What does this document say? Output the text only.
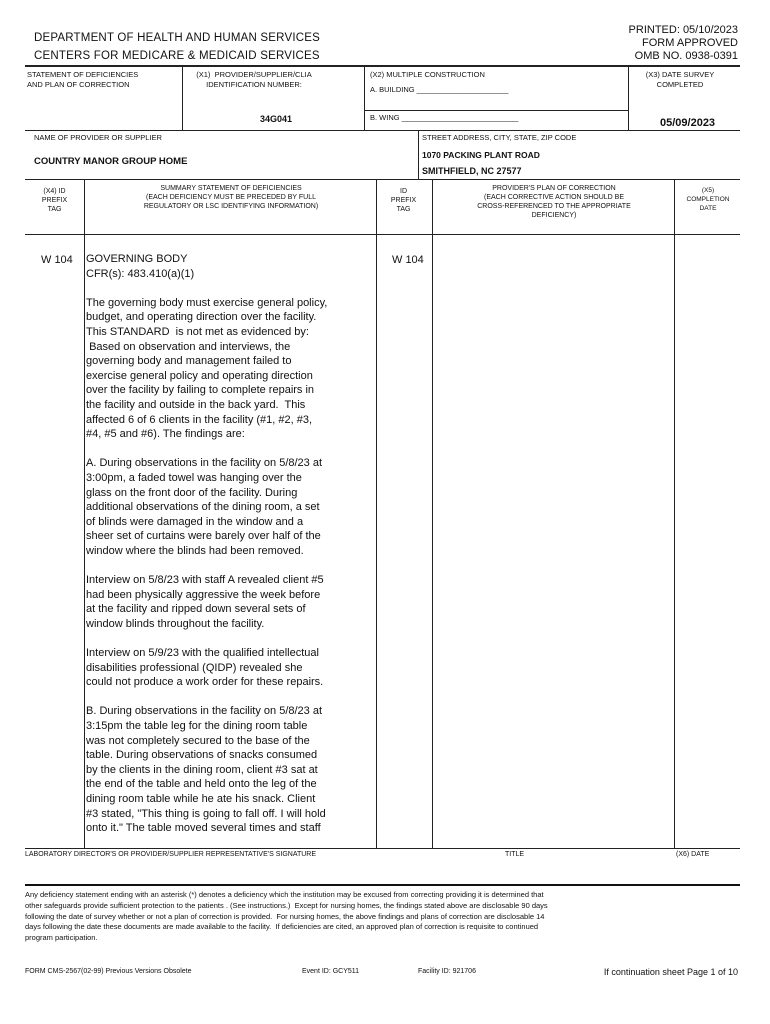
DEPARTMENT OF HEALTH AND HUMAN SERVICES
CENTERS FOR MEDICARE & MEDICAID SERVICES
PRINTED: 05/10/2023
FORM APPROVED
OMB NO. 0938-0391
STATEMENT OF DEFICIENCIES
AND PLAN OF CORRECTION
(X1)  PROVIDER/SUPPLIER/CLIA
IDENTIFICATION NUMBER:
34G041
(X2) MULTIPLE CONSTRUCTION
A. BUILDING ______________________
B. WING ____________________________
(X3) DATE SURVEY
COMPLETED
05/09/2023
NAME OF PROVIDER OR SUPPLIER
COUNTRY MANOR GROUP HOME
STREET ADDRESS, CITY, STATE, ZIP CODE
1070 PACKING PLANT ROAD
SMITHFIELD, NC 27577
(X4) ID
PREFIX
TAG
SUMMARY STATEMENT OF DEFICIENCIES
(EACH DEFICIENCY MUST BE PRECEDED BY FULL
REGULATORY OR LSC IDENTIFYING INFORMATION)
ID
PREFIX
TAG
PROVIDER'S PLAN OF CORRECTION
(EACH CORRECTIVE ACTION SHOULD BE
CROSS-REFERENCED TO THE APPROPRIATE
DEFICIENCY)
(X5)
COMPLETION
DATE
W 104 GOVERNING BODY
CFR(s): 483.410(a)(1)

The governing body must exercise general policy,
budget, and operating direction over the facility.
This STANDARD  is not met as evidenced by:
Based on observation and interviews, the
governing body and management failed to
exercise general policy and operating direction
over the facility by failing to complete repairs in
the facility and outside in the back yard.  This
affected 6 of 6 clients in the facility (#1, #2, #3,
#4, #5 and #6). The findings are:

A. During observations in the facility on 5/8/23 at
3:00pm, a faded towel was hanging over the
glass on the front door of the facility. During
additional observations of the dining room, a set
of blinds were damaged in the window and a
sheer set of curtains were barely over half of the
window where the blinds had been removed.

Interview on 5/8/23 with staff A revealed client #5
had been physically aggressive the week before
at the facility and ripped down several sets of
window blinds throughout the facility.

Interview on 5/9/23 with the qualified intellectual
disabilities professional (QIDP) revealed she
could not produce a work order for these repairs.

B. During observations in the facility on 5/8/23 at
3:15pm the table leg for the dining room table
was not completely secured to the base of the
table. During observations of snacks consumed
by the clients in the dining room, client #3 sat at
the end of the table and held onto the leg of the
dining room table while he ate his snack. Client
#3 stated, "This thing is going to fall off. I will hold
onto it." The table moved several times and staff
W 104
LABORATORY DIRECTOR'S OR PROVIDER/SUPPLIER REPRESENTATIVE'S SIGNATURE	TITLE	(X6) DATE
Any deficiency statement ending with an asterisk (*) denotes a deficiency which the institution may be excused from correcting providing it is determined that
other safeguards provide sufficient protection to the patients . (See instructions.)  Except for nursing homes, the findings stated above are disclosable 90 days
following the date of survey whether or not a plan of correction is provided.  For nursing homes, the above findings and plans of correction are disclosable 14
days following the date these documents are made available to the facility.  If deficiencies are cited, an approved plan of correction is requisite to continued
program participation.
FORM CMS-2567(02-99) Previous Versions Obsolete	Event ID: GCY511	Facility ID: 921706	If continuation sheet Page 1 of 10
